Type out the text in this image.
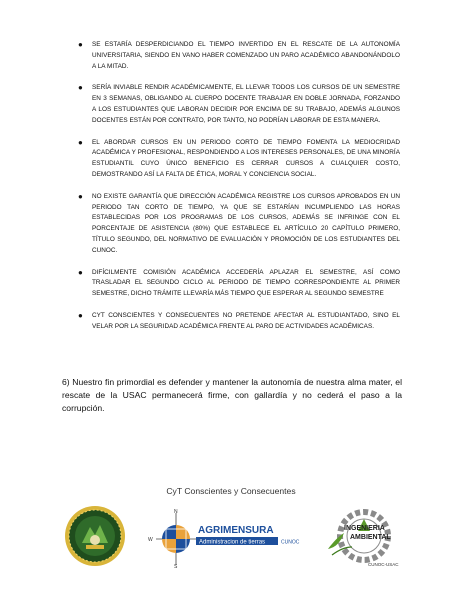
● SE ESTARÍA DESPERDICIANDO EL TIEMPO INVERTIDO EN EL RESCATE DE LA AUTONOMÍA UNIVERSITARIA, SIENDO EN VANO HABER COMENZADO UN PARO ACADÉMICO ABANDONÁNDOLO A LA MITAD.
● SERÍA INVIABLE RENDIR ACADÉMICAMENTE, EL LLEVAR TODOS LOS CURSOS DE UN SEMESTRE EN 3 SEMANAS, OBLIGANDO AL CUERPO DOCENTE TRABAJAR EN DOBLE JORNADA, FORZANDO A LOS ESTUDIANTES QUE LABORAN DECIDIR POR ENCIMA DE SU TRABAJO, ADEMÁS ALGUNOS DOCENTES ESTÁN POR CONTRATO, POR TANTO, NO PODRÍAN LABORAR DE ESTA MANERA.
● EL ABORDAR CURSOS EN UN PERIODO CORTO DE TIEMPO FOMENTA LA MEDIOCRIDAD ACADÉMICA Y PROFESIONAL, RESPONDIENDO A LOS INTERESES PERSONALES, DE UNA MINORÍA ESTUDIANTIL CUYO ÚNICO BENEFICIO ES CERRAR CURSOS A CUALQUIER COSTO, DEMOSTRANDO ASÍ LA FALTA DE ÉTICA, MORAL Y CONCIENCIA SOCIAL.
● NO EXISTE GARANTÍA QUE DIRECCIÓN ACADÉMICA REGISTRE LOS CURSOS APROBADOS EN UN PERIODO TAN CORTO DE TIEMPO, YA QUE SE ESTARÍAN INCUMPLIENDO LAS HORAS ESTABLECIDAS POR LOS PROGRAMAS DE LOS CURSOS, ADEMÁS SE INFRINGE CON EL PORCENTAJE DE ASISTENCIA (80%) QUE ESTABLECE EL ARTÍCULO 20 CAPÍTULO PRIMERO, TÍTULO SEGUNDO, DEL NORMATIVO DE EVALUACIÓN Y PROMOCIÓN DE LOS ESTUDIANTES DEL CUNOC.
● DIFÍCILMENTE COMISIÓN ACADÉMICA ACCEDERÍA APLAZAR EL SEMESTRE, ASÍ COMO TRASLADAR EL SEGUNDO CICLO AL PERIODO DE TIEMPO CORRESPONDIENTE AL PRIMER SEMESTRE, DICHO TRÁMITE LLEVARÍA MÁS TIEMPO QUE ESPERAR AL SEGUNDO SEMESTRE
● CYT CONSCIENTES Y CONSECUENTES NO PRETENDE AFECTAR AL ESTUDIANTADO, SINO EL VELAR POR LA SEGURIDAD ACADÉMICA FRENTE AL PARO DE ACTIVIDADES ACADÉMICAS.

6) Nuestro fin primordial es defender y mantener la autonomía de nuestra alma mater, el rescate de la USAC permanecerá firme, con gallardía y no cederá el paso a la corrupción.

CyT Conscientes y Consecuentes
N
S
W
AGRIMENSURA
Administracion de tierras	CUNOC
INGENIERIA
AMBIENTAL
CUNOC-USAC
